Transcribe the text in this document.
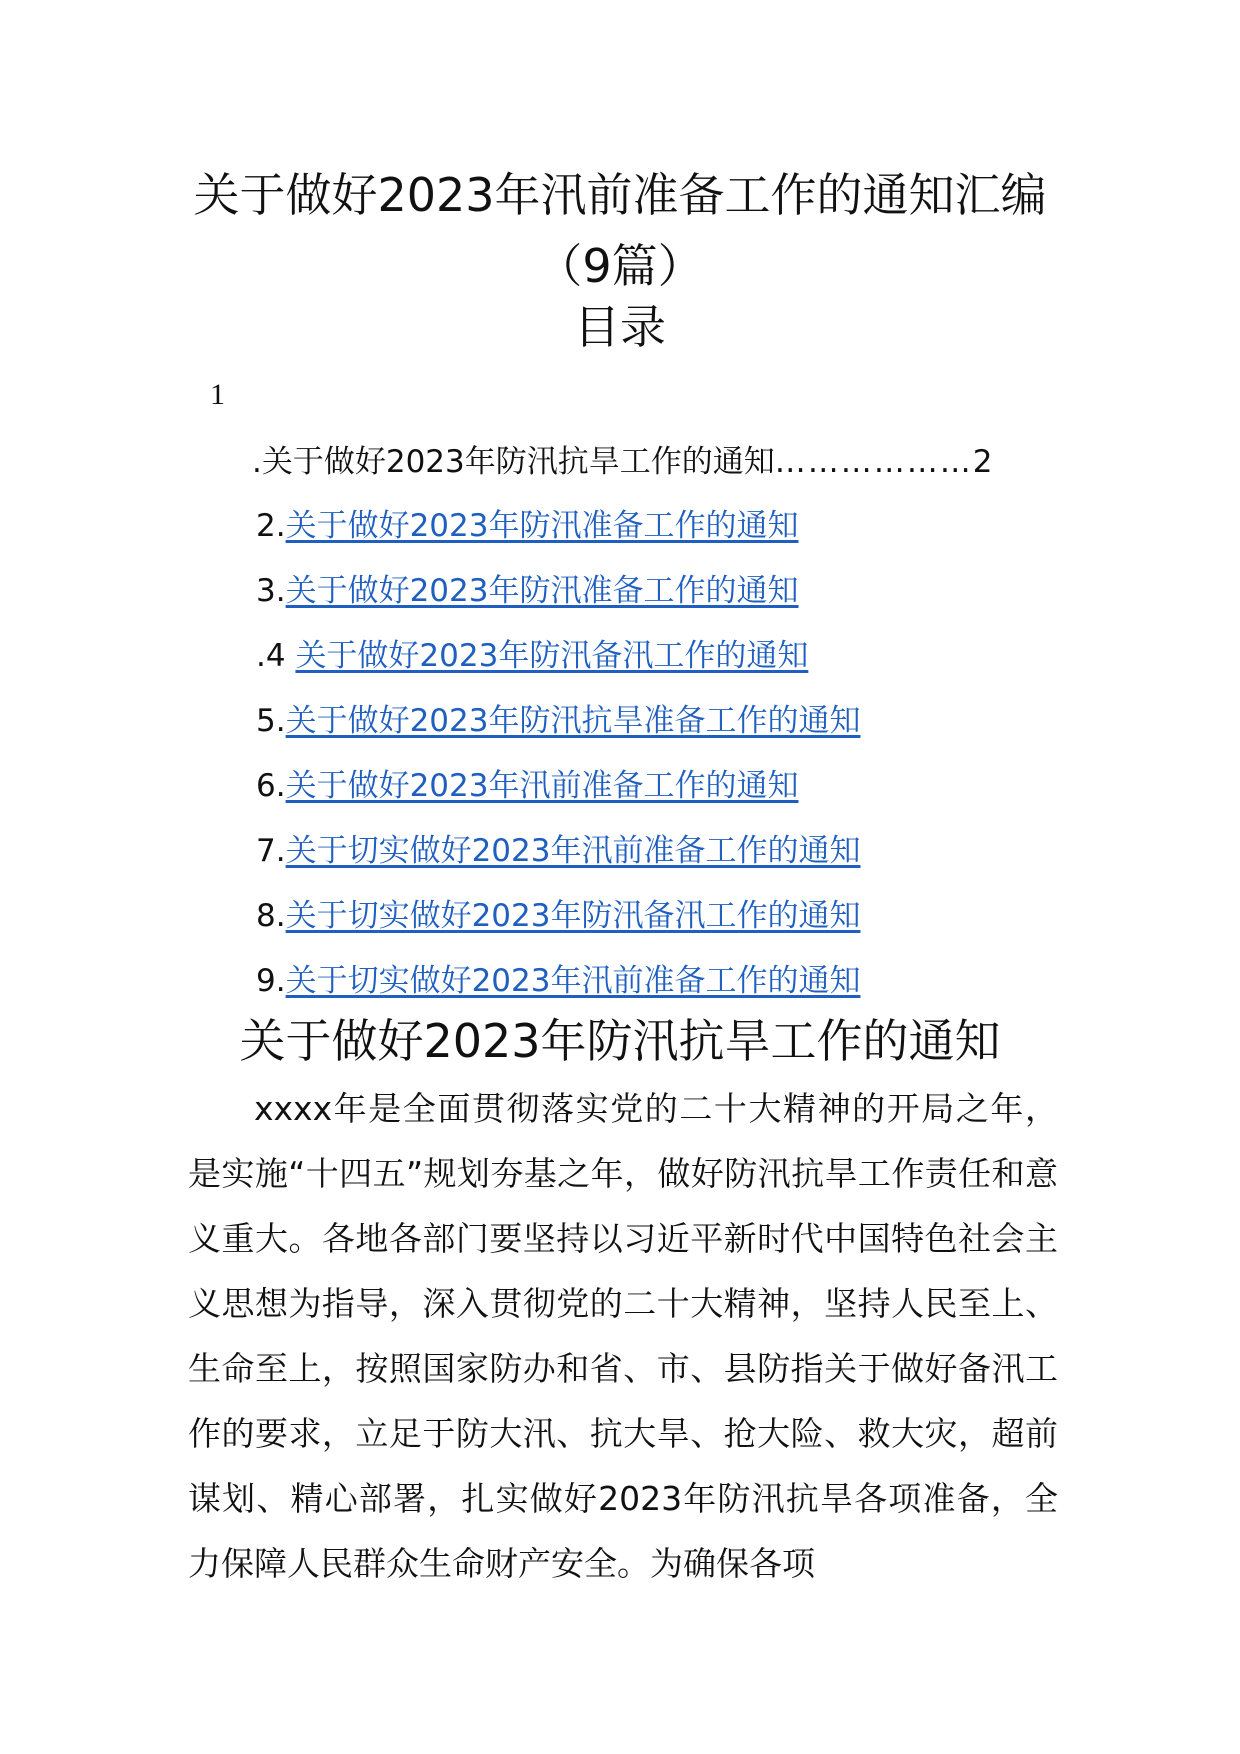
关于做好2023年汛前准备工作的通知汇编
（9篇）
目录
1
.关于做好2023年防汛抗旱工作的通知………………2
2.关于做好2023年防汛准备工作的通知
3.关于做好2023年防汛准备工作的通知
.4 关于做好2023年防汛备汛工作的通知
5.关于做好2023年防汛抗旱准备工作的通知
6.关于做好2023年汛前准备工作的通知
7.关于切实做好2023年汛前准备工作的通知
8.关于切实做好2023年防汛备汛工作的通知
9.关于切实做好2023年汛前准备工作的通知
关于做好2023年防汛抗旱工作的通知

xxxx年是全面贯彻落实党的二十大精神的开局之年，是实施“十四五”规划夯基之年，做好防汛抗旱工作责任和意义重大。各地各部门要坚持以习近平新时代中国特色社会主义思想为指导，深入贯彻党的二十大精神，坚持人民至上、生命至上，按照国家防办和省、市、县防指关于做好备汛工作的要求，立足于防大汛、抗大旱、抢大险、救大灾，超前谋划、精心部署，扎实做好2023年防汛抗旱各项准备，全力保障人民群众生命财产安全。为确保各项
